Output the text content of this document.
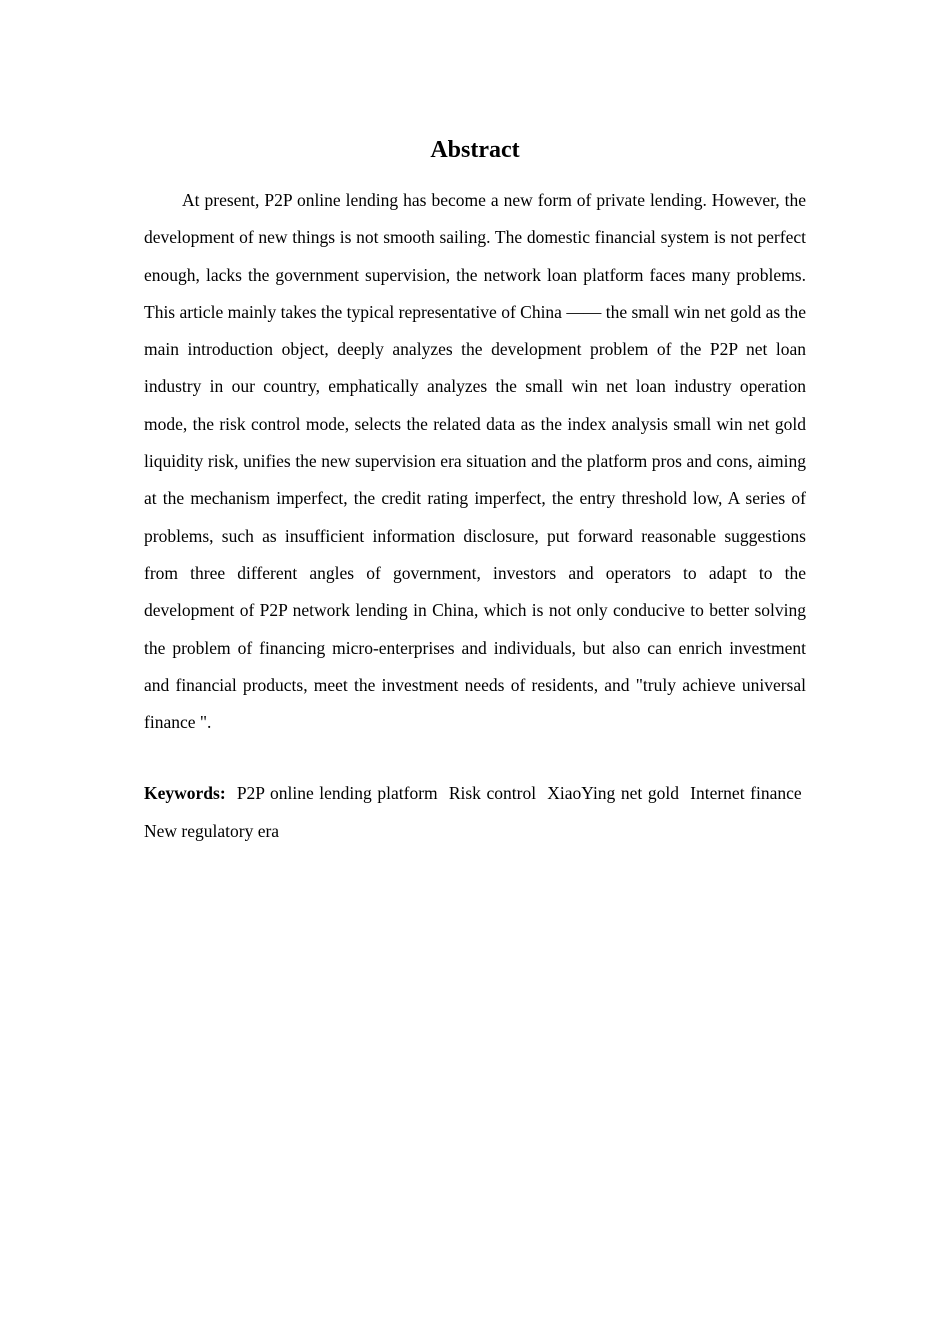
Abstract

At present, P2P online lending has become a new form of private lending. However, the development of new things is not smooth sailing. The domestic financial system is not perfect enough, lacks the government supervision, the network loan platform faces many problems. This article mainly takes the typical representative of China —— the small win net gold as the main introduction object, deeply analyzes the development problem of the P2P net loan industry in our country, emphatically analyzes the small win net loan industry operation mode, the risk control mode, selects the related data as the index analysis small win net gold liquidity risk, unifies the new supervision era situation and the platform pros and cons, aiming at the mechanism imperfect, the credit rating imperfect, the entry threshold low, A series of problems, such as insufficient information disclosure, put forward reasonable suggestions from three different angles of government, investors and operators to adapt to the development of P2P network lending in China, which is not only conducive to better solving the problem of financing micro-enterprises and individuals, but also can enrich investment and financial products, meet the investment needs of residents, and "truly achieve universal finance ".

Keywords: P2P online lending platform Risk control XiaoYing net gold Internet finance  New regulatory era
